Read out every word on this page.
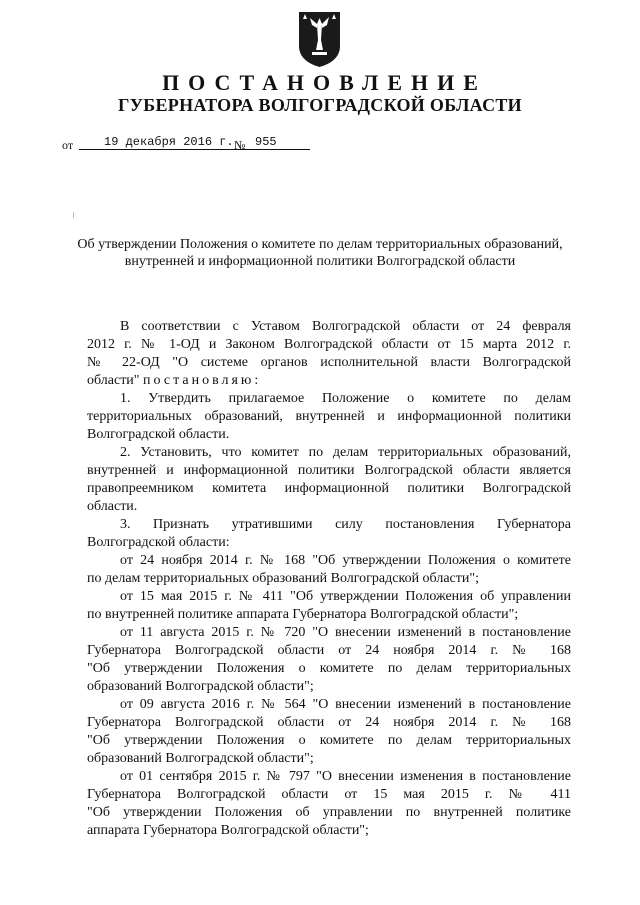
ПОСТАНОВЛЕНИЕ
ГУБЕРНАТОРА ВОЛГОГРАДСКОЙ ОБЛАСТИ
от	19 декабря 2016 г. № 955
Об утверждении Положения о комитете по делам территориальных образований,
внутренней и информационной политики Волгоградской области

В соответствии с Уставом Волгоградской области от 24 февраля

2012 г. № 1-ОД и Законом Волгоградской области от 15 марта 2012 г.

№ 22-ОД "О системе органов исполнительной власти Волгоградской

области" постановляю:

1. Утвердить прилагаемое Положение о комитете по делам

территориальных образований, внутренней и информационной политики

Волгоградской области.

2. Установить, что комитет по делам территориальных образований,

внутренней и информационной политики Волгоградской области является

правопреемником комитета информационной политики Волгоградской

области.

3. Признать утратившими силу постановления Губернатора

Волгоградской области:

от 24 ноября 2014 г. № 168 "Об утверждении Положения о комитете

по делам территориальных образований Волгоградской области";

от 15 мая 2015 г. № 411 "Об утверждении Положения об управлении

по внутренней политике аппарата Губернатора Волгоградской области";

от 11 августа 2015 г. № 720 "О внесении изменений в постановление

Губернатора Волгоградской области от 24 ноября 2014 г. № 168

"Об утверждении Положения о комитете по делам территориальных

образований Волгоградской области";

от 09 августа 2016 г. № 564 "О внесении изменений в постановление

Губернатора Волгоградской области от 24 ноября 2014 г. № 168

"Об утверждении Положения о комитете по делам территориальных

образований Волгоградской области";

от 01 сентября 2015 г. № 797 "О внесении изменения в постановление

Губернатора Волгоградской области от 15 мая 2015 г. № 411

"Об утверждении Положения об управлении по внутренней политике

аппарата Губернатора Волгоградской области";
